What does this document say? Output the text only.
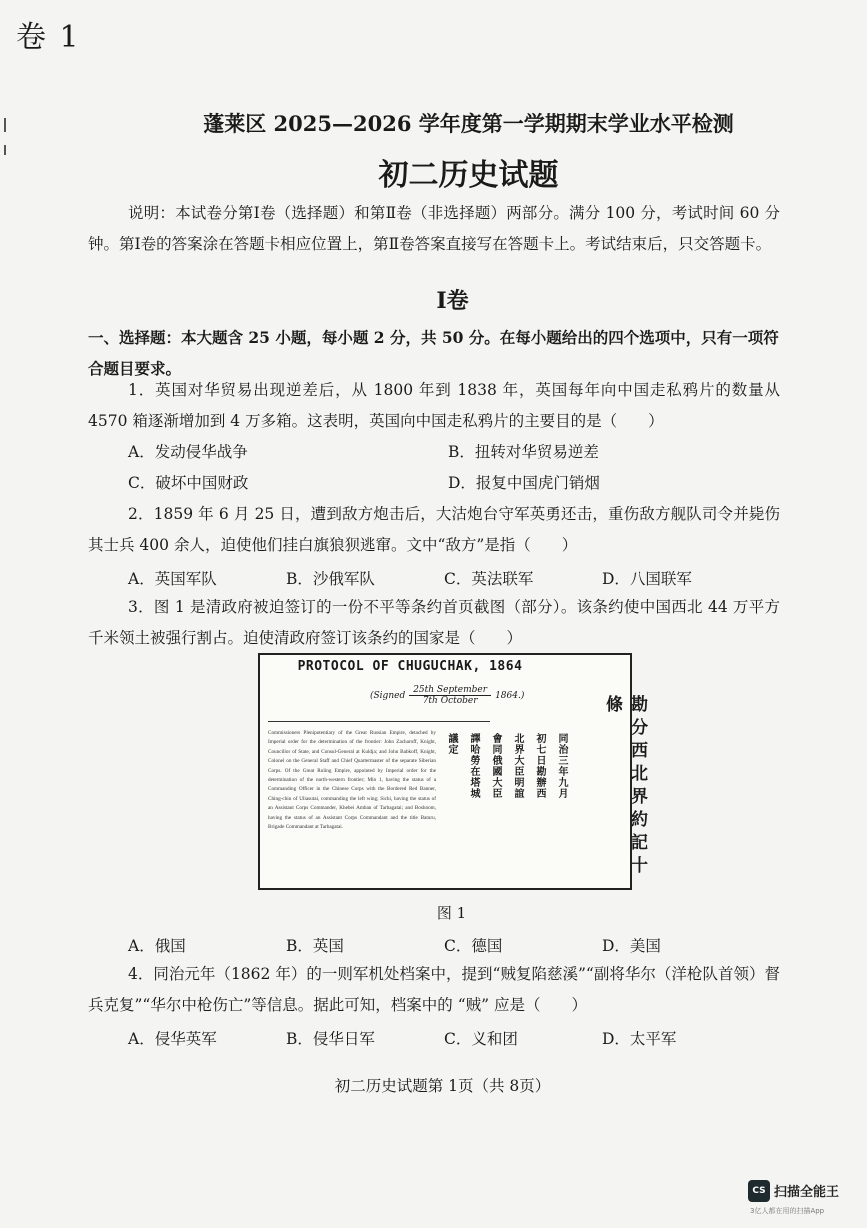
卷 1
蓬莱区 2025—2026 学年度第一学期期末学业水平检测
初二历史试题
说明：本试卷分第Ⅰ卷（选择题）和第Ⅱ卷（非选择题）两部分。满分 100 分，考试时间 60 分钟。第Ⅰ卷的答案涂在答题卡相应位置上，第Ⅱ卷答案直接写在答题卡上。考试结束后，只交答题卡。
Ⅰ卷
一、选择题：本大题含 25 小题，每小题 2 分，共 50 分。在每小题给出的四个选项中，只有一项符合题目要求。
1．英国对华贸易出现逆差后，从 1800 年到 1838 年，英国每年向中国走私鸦片的数量从 4570 箱逐渐增加到 4 万多箱。这表明，英国向中国走私鸦片的主要目的是（　　）
A．发动侵华战争	B．扭转对华贸易逆差
C．破坏中国财政	D．报复中国虎门销烟
2．1859 年 6 月 25 日，遭到敌方炮击后，大沽炮台守军英勇还击，重伤敌方舰队司令并毙伤其士兵 400 余人，迫使他们挂白旗狼狈逃窜。文中“敌方”是指（　　）
A．英国军队	B．沙俄军队	C．英法联军	D．八国联军
3．图 1 是清政府被迫签订的一份不平等条约首页截图（部分）。该条约使中国西北 44 万平方千米领土被强行割占。迫使清政府签订该条约的国家是（　　）
PROTOCOL OF CHUGUCHAK, 1864
(Signed $\frac{\text{25th September}}{\text{7th October}} 1864$.)
Commissioners Plenipotentiary of the Great Russian Empire, detached by Imperial order for the determination of the frontier: John Zacharoff, Knight, Councillor of State, and Consul-General at Kuldja; and John Babkoff, Knight, Colonel on the General Staff and Chief Quartermaster of the separate Siberian Corps. Of the Great Ruling Empire, appointed by Imperial order for the determination of the north-western frontier; Min 1, having the status of a Commanding Officer in the Chinese Corps with the Bordered Red Banner, Ching-chin of Uliasutai, commanding the left wing; Sichi, having the status of an Assistant Corps Commander, Khebei Amban of Tarbagatai; and Boshnom, having the status of an Assistant Corps Commandant and the title Baturu, Brigade Commandant at Tarbagatai.
議定 譯哈勞在塔城 會同俄國大臣 北界大臣明誼 初七日勘辦西 同治三年九月	勘分西北界約記十條
图 1
A．俄国	B．英国	C．德国	D．美国
4．同治元年（1862 年）的一则军机处档案中，提到“贼复陷慈溪”“副将华尔（洋枪队首领）督兵克复”“华尔中枪伤亡”等信息。据此可知，档案中的 “贼” 应是（　　）
A．侵华英军	B．侵华日军	C．义和团	D．太平军
初二历史试题第 1页（共 8页）
CS 扫描全能王
3亿人都在用的扫描App
